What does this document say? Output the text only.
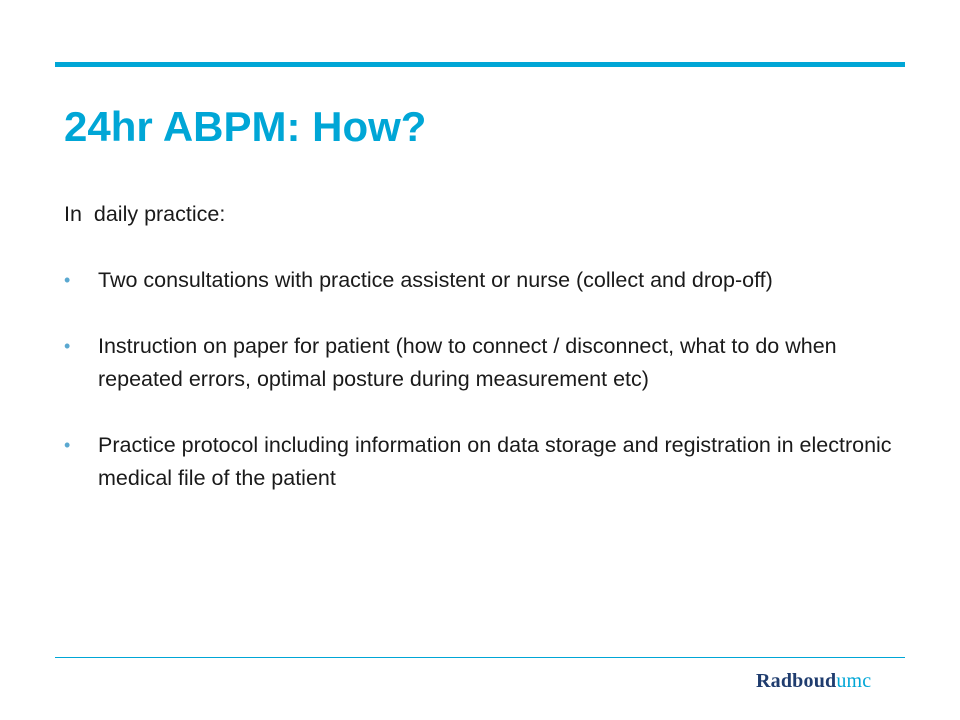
24hr ABPM: How?

In  daily practice:

• Two consultations with practice assistent or nurse (collect and drop-off)
• Instruction on paper for patient (how to connect / disconnect, what to do when repeated errors, optimal posture during measurement etc)
• Practice protocol including information on data storage and registration in electronic medical file of the patient
Radboudumc
